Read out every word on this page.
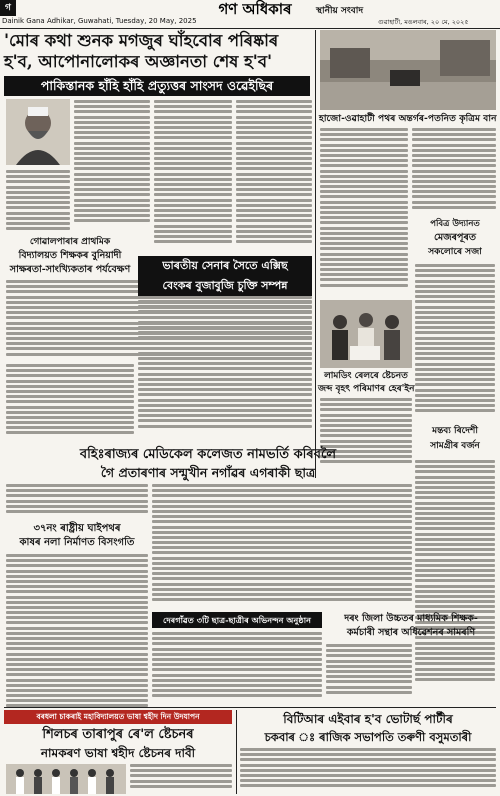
গ	গণ অধিকাৰ	স্থানীয় সংবাদ
Dainik Gana Adhikar, Guwahati, Tuesday, 20 May, 2025	গুৱাহাটী, মঙলবাৰ, ২০ মে, ২০২৫
'মোৰ কথা শুনক মগজুৰ ঘাঁহবোৰ পৰিষ্কাৰ
হ'ব, আপোনালোকৰ অজ্ঞানতা শেষ হ'ব'
পাকিস্তানক হাঁহি হাঁহি প্ৰত্যুত্তৰ সাংসদ ওৱেইছিৰ
হাজো-ওৱাহাটী পথৰ অন্তৰ্গৰ-পতনিত কৃত্ৰিম বান
পবিত্ৰ উদ্যানত
মেজৰপূৰত
সকলোৰে সজা
মন্তব্য ৰিদেশী
সামগ্ৰীৰ বৰ্জন
গোৱালপাৰাৰ প্ৰাথমিক
বিদ্যালয়ত শিক্ষকৰ বুনিয়াদী
সাক্ষৰতা-সাংখ্যিকতাৰ পৰ্যবেক্ষণ	ভাৰতীয় সেনাৰ সৈতে এক্সিছ
বেংকৰ বুজাবুজি চুক্তি সম্পন্ন
লামডিং ৰেলৰে ষ্টেচনত
জব্দ বৃহৎ পৰিমাণৰ হেৰ'ইন
বহিঃৰাজ্যৰ মেডিকেল কলেজত নামভৰ্তি কৰিবলৈ
গৈ প্ৰতাৰণাৰ সন্মুখীন নগাঁৱৰ এগৰাকী ছাত্ৰ
৩৭নং ৰাষ্ট্ৰীয় ঘাইপথৰ
কাষৰ নলা নিৰ্মাণত বিসংগতি
দেৰগাঁৱত ৩টি ছাত্ৰ-ছাত্ৰীৰ অভিনন্দন অনুষ্ঠান	দৰং জিলা উচ্চতৰ মাধ্যমিক শিক্ষক-
কৰ্মচাৰী সন্থাৰ অধিৱেশনৰ সামৰণি
বৰধলা চাকৰাই মহাবিদ্যালয়ত ভাষা শ্বহীদ দিন উদযাপন
শিলচৰ তাৰাপুৰ ৰে'ল ষ্টেচনৰ
নামকৰণ ভাষা শ্বহীদ ষ্টেচনৰ দাবী
বিটিআৰ এইবাৰ হ'ব ভোটাৰ্ছ পাৰ্টীৰ
চকবাৰ ঃ ৰাজিক সভাপতি তৰুণী বসুমতাৰী
